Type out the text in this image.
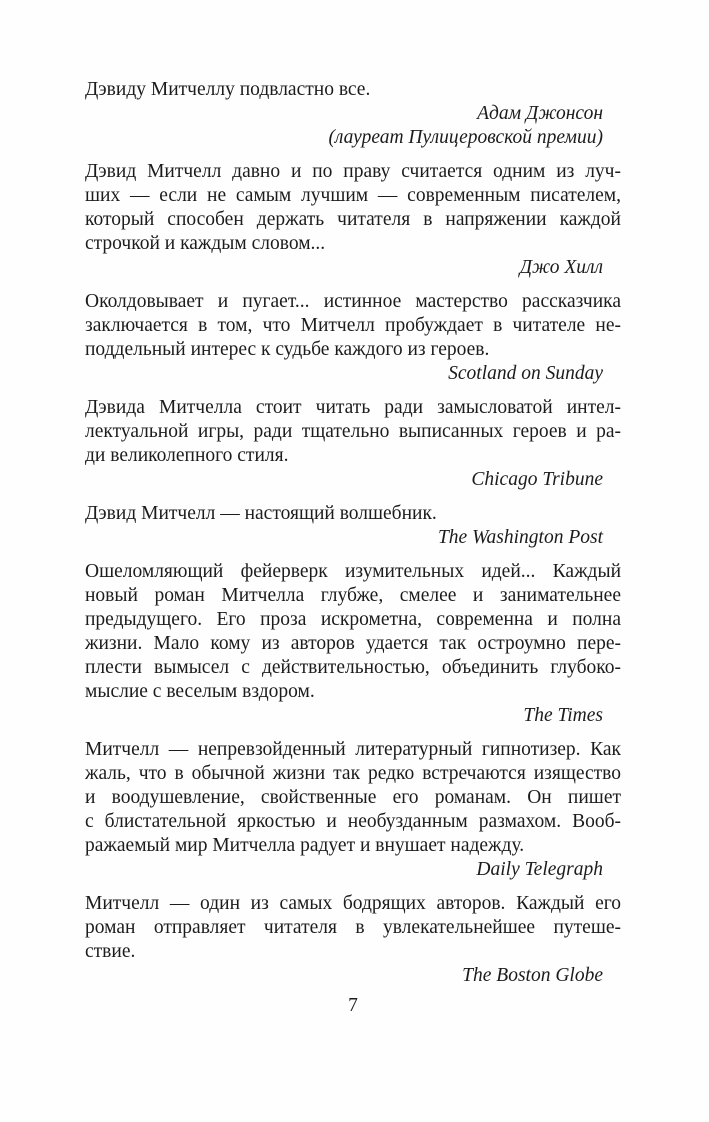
Дэвиду Митчеллу подвластно все.
Адам Джонсон
(лауреат Пулицеровской премии)
Дэвид Митчелл давно и по праву считается одним из луч-
ших — если не самым лучшим — современным писателем,
который способен держать читателя в напряжении каждой
строчкой и каждым словом...
Джо Хилл
Околдовывает и пугает... истинное мастерство рассказчика
заключается в том, что Митчелл пробуждает в читателе не-
поддельный интерес к судьбе каждого из героев.
Scotland on Sunday
Дэвида Митчелла стоит читать ради замысловатой интел-
лектуальной игры, ради тщательно выписанных героев и ра-
ди великолепного стиля.
Chicago Tribune
Дэвид Митчелл — настоящий волшебник.
The Washington Post
Ошеломляющий фейерверк изумительных идей... Каждый
новый роман Митчелла глубже, смелее и занимательнее
предыдущего. Его проза искрометна, современна и полна
жизни. Мало кому из авторов удается так остроумно пере-
плести вымысел с действительностью, объединить глубоко-
мыслие с веселым вздором.
The Times
Митчелл — непревзойденный литературный гипнотизер. Как
жаль, что в обычной жизни так редко встречаются изящество
и воодушевление, свойственные его романам. Он пишет
с блистательной яркостью и необузданным размахом. Вооб-
ражаемый мир Митчелла радует и внушает надежду.
Daily Telegraph
Митчелл — один из самых бодрящих авторов. Каждый его
роман отправляет читателя в увлекательнейшее путеше-
ствие.
The Boston Globe
7
